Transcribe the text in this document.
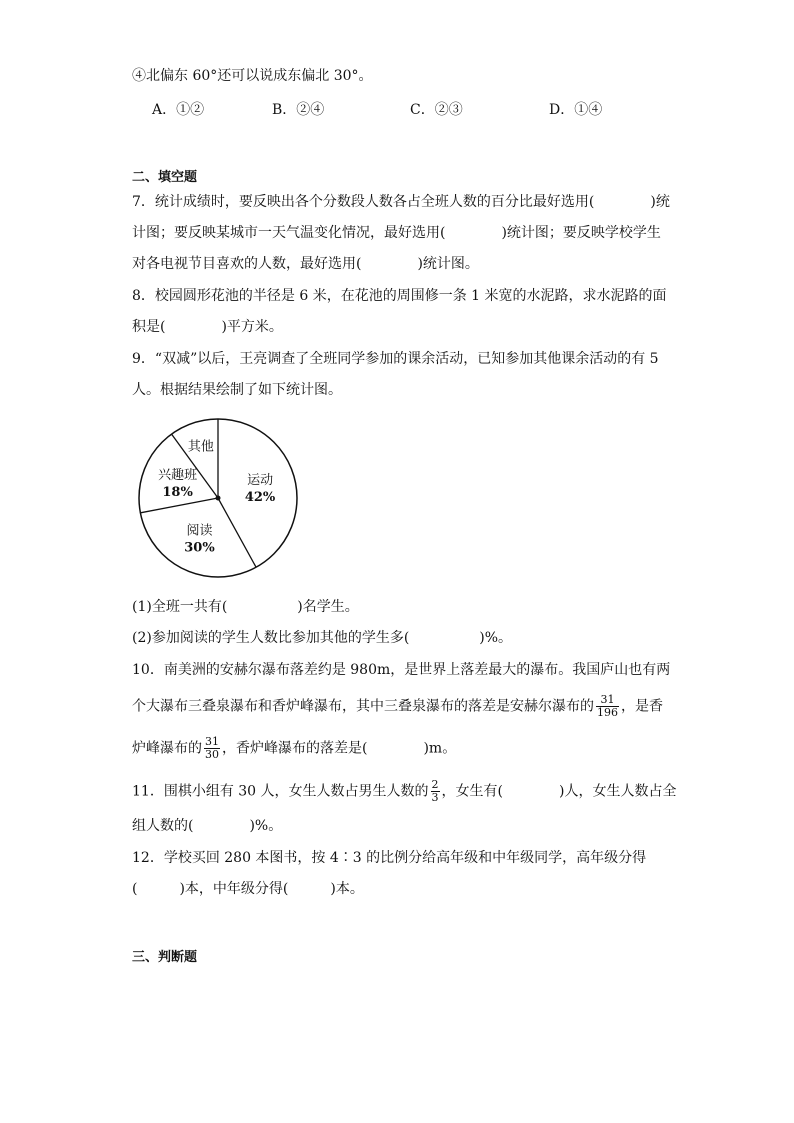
④北偏东 60°还可以说成东偏北 30°。
A．①②	B．②④	C．②③	D．①④
二、填空题
7．统计成绩时，要反映出各个分数段人数各占全班人数的百分比最好选用(　　　　)统
计图；要反映某城市一天气温变化情况，最好选用(　　　　)统计图；要反映学校学生
对各电视节目喜欢的人数，最好选用(　　　　)统计图。
8．校园圆形花池的半径是 6 米，在花池的周围修一条 1 米宽的水泥路，求水泥路的面
积是(　　　　)平方米。
9．“双减”以后，王亮调查了全班同学参加的课余活动，已知参加其他课余活动的有 5
人。根据结果绘制了如下统计图。
运动
42%
阅读
30%
兴趣班
18%
其他
(1)全班一共有(　　　　　)名学生。
(2)参加阅读的学生人数比参加其他的学生多(　　　　　)%。
10．南美洲的安赫尔瀑布落差约是 980m，是世界上落差最大的瀑布。我国庐山也有两
个大瀑布三叠泉瀑布和香炉峰瀑布，其中三叠泉瀑布的落差是安赫尔瀑布的 $\frac{31}{196}$ ，是香
炉峰瀑布的 $\frac{31}{30}$ ，香炉峰瀑布的落差是(　　　　)m。
11．围棋小组有 30 人，女生人数占男生人数的 $\frac{2}{3}$ ，女生有(　　　　)人，女生人数占全
组人数的(　　　　)%。
12．学校买回 280 本图书，按 4∶3 的比例分给高年级和中年级同学，高年级分得
(　　　)本，中年级分得(　　　)本。
三、判断题
